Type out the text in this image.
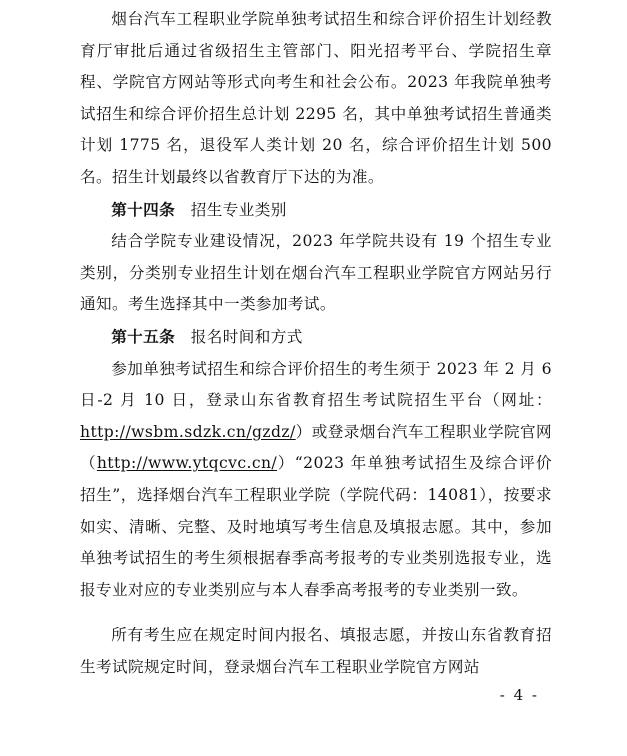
烟台汽车工程职业学院单独考试招生和综合评价招生计划经教育厅审批后通过省级招生主管部门、阳光招考平台、学院招生章程、学院官方网站等形式向考生和社会公布。2023 年我院单独考试招生和综合评价招生总计划 2295 名，其中单独考试招生普通类计划 1775 名，退役军人类计划 20 名，综合评价招生计划 500 名。招生计划最终以省教育厅下达的为准。

第十四条 招生专业类别

结合学院专业建设情况，2023 年学院共设有 19 个招生专业类别，分类别专业招生计划在烟台汽车工程职业学院官方网站另行通知。考生选择其中一类参加考试。

第十五条 报名时间和方式

参加单独考试招生和综合评价招生的考生须于 2023 年 2 月 6 日-2 月 10 日，登录山东省教育招生考试院招生平台（网址：http://wsbm.sdzk.cn/gzdz/）或登录烟台汽车工程职业学院官网（http://www.ytqcvc.cn/）“2023 年单独考试招生及综合评价招生”，选择烟台汽车工程职业学院（学院代码：14081），按要求如实、清晰、完整、及时地填写考生信息及填报志愿。其中，参加单独考试招生的考生须根据春季高考报考的专业类别选报专业，选报专业对应的专业类别应与本人春季高考报考的专业类别一致。

所有考生应在规定时间内报名、填报志愿，并按山东省教育招生考试院规定时间，登录烟台汽车工程职业学院官方网站

- 4 -
